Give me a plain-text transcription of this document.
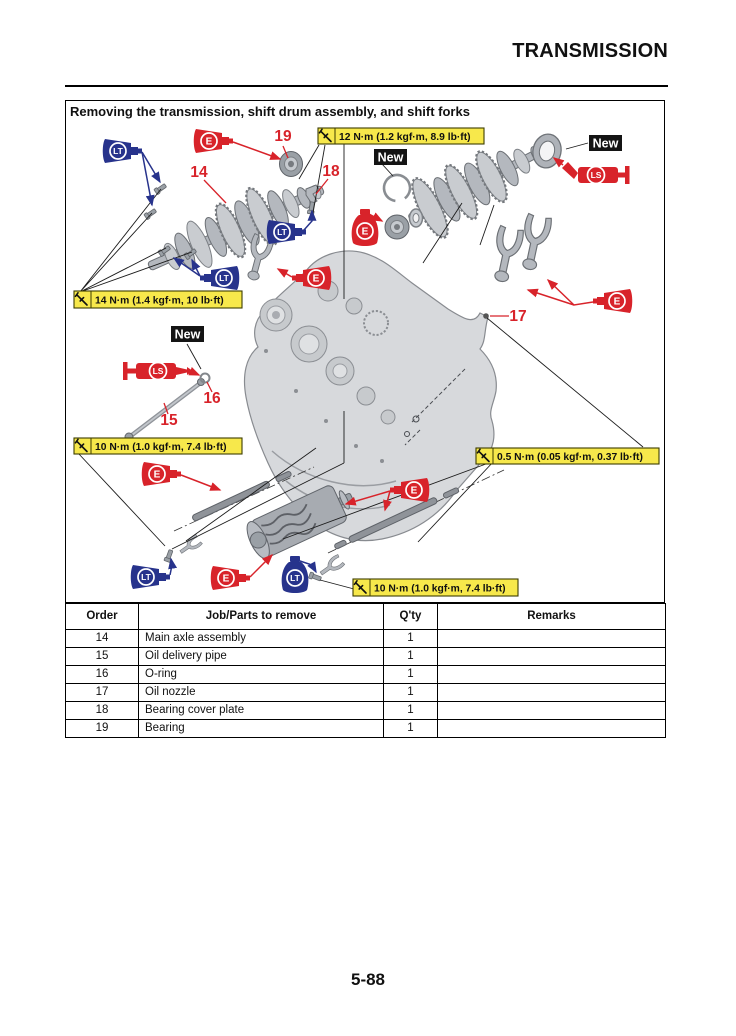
TRANSMISSION
LT
LT
LT
LT	LT
E
E
E
E
E
E
E
LS
LS
12 N·m (1.2 kgf·m, 8.9 lb·ft)
14 N·m (1.4 kgf·m, 10 lb·ft)
10 N·m (1.0 kgf·m, 7.4 lb·ft)
0.5 N·m (0.05 kgf·m, 0.37 lb·ft)
10 N·m (1.0 kgf·m, 7.4 lb·ft)
New
New
New
19
14	18
17
16
15
Removing the transmission, shift drum assembly, and shift forks
Order	Job/Parts to remove	Q'ty	Remarks
14	Main axle assembly	1	
15	Oil delivery pipe	1	
16	O-ring	1	
17	Oil nozzle	1	
18	Bearing cover plate	1	
19	Bearing	1	
5-88
